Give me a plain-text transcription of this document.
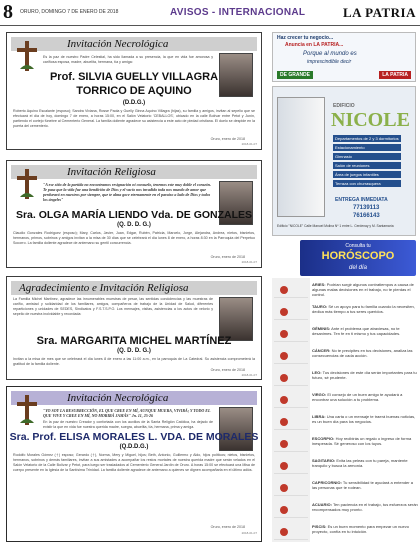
8 ORURO, DOMINGO 7 DE ENERO DE 2018	AVISOS - INTERNACIONAL	LA PATRIA
Invitación Necrológica
Es la paz de nuestro Padre Celestial, ha sido llamada a su presencia, la que en vida fue amorosa y cariñosa esposa, madre, abuelita, hermana, tía y amiga:
Prof. SILVIA GUELLY VILLAGRA
TORRICO DE AQUINO
(D.D.G.)
Roberto Aquino Escalante (esposo); Sandra Viviana, Rosse Paola y Guelly Ginna Aquino Villagra (hijas), su familia y amigos, invitan al sepelio que se efectuará el día de hoy, domingo 7 de enero, a horas 15:00, en el Salón Velatorio 'CEBALLOS', ubicado en la calle Bolívar entre Petot y Junín, partiendo el cortejo fúnebre al Cementerio General. La familia doliente agradece su asistencia a este acto de piedad cristiana. El duelo se despide en la puerta del cementerio.
Oruro, enero de 2018
2018-01-07
Invitación Religiosa
"A ese sitio de la partida no encontramos resignación ni consuelo, tenemos este muy doble el corazón. Te pasa que la vida fue una bendición de Dios y el vacío nos invadido toda nos mundo de amor que perdurará en nuestros por siempre, que te alma goce eternamente en el paraíso a lado de Dios y todos los ángeles"
Sra. OLGA MARÍA LIENDO Vda. DE GONZALES
(Q. D. D. G.)
Claudio Gonzales Rodríguez (esposo); Mary, Carlos, Javier, Juan, Edgar, Rubén, Patricia, Marcelo, Jorge, Alejandra, Andrea, nietos, bisnietos, hermanos, primos, sobrinos y amigos invitan a la misa de 30 días que se celebrará el día lunes 8 de enero, a horas 8:30 en la Parroquia del Perpetuo Socorro. La familia doliente agradece de antemano su gentil concurrencia.
Oruro, enero de 2018
2018-01-07
Agradecimiento e Invitación Religiosa
La Familia Michel Martínez, agradece las innumerables muestras de pesar, las sentidas condolencias y las muestras de cariño, amistad y solidaridad de los familiares, amigos, compañeros de trabajo de la Unidad de Salud, diferentes reparticiones y unidades de SEDES, Sindicatos y F.S.T.S.P.O. Los mensajes, visitas, asistencias a los actos de velorio y sepelio de nuestra inolvidable y recordada:
Sra. MARGARITA MICHEL MARTÍNEZ
(Q. D. D. G.)
Invitan a la misa de mes que se celebrará el día lunes 8 de enero a las 11:00 a.m., en la parroquia de La Catedral. Su asistencia comprometerá la gratitud de la familia doliente.
Oruro, enero de 2018
2018-01-07
Invitación Necrológica
"YO SOY LA RESURRECCIÓN, EL QUE CREE EN MÍ, AUNQUE MUERA, VIVIRÁ; Y TODO EL QUE VIVE Y CREE EN MÍ, NO MORIRÁ JAMÁS" Jn. 11, 25-26
En la paz de nuestro Creador y confortada con los auxilios de la Santa Religión Católica, ha dejado de existir la que en vida fue nuestra querida madre, suegra, abuelita, tía, hermana, prima y amiga.
Sra. Prof. ELISA MORALES L. VDA. DE MORALES
(Q.D.D.G.)
Rodolfo Morales Gómez (†) esposo; Gerardo (†), Norma, Mery y Miguel, hijos; Beth, Antonio, Guillermo y Aldo, hijos políticos; nietos, bisnietos, hermanos, sobrinos y demás familiares, invitan a sus amistades a acompañar los restos mortales de nuestra querida madre que serán velados en el Salón Velatorio de la Calle Bolívar y Petot, para luego ser trasladados al Cementerio General Jardín de Oruro. A horas 15:00 se efectuará una Misa de cuerpo presente en la Iglesia de la Santísima Trinidad. La familia doliente agradece de antemano a quienes se dignen acompañarla en el último adiós.
Oruro, enero de 2018
2018-01-07
Haz crecer tu negocio...
Anuncia en LA PATRIA...
Porque al mundo es
imprescindible decir
DE GRANDE	LA PATRIA
EDIFICIO
NICOLE
Departamentos de 2 y 3 dormitorios
Estacionamiento
Gimnasio
Salón de reuniones
Área de juegos infantiles
Terraza con churrasquera
ENTREGA INMEDIATA
77139113
76166143
Edificio "NICOLE" Calle Manuel Molina Nº 1 entre L. Cerdenay y M. Santamaría
Consulta tu
HORÓSCOPO
del día
ARIES: Podrían surgir algunos contratiempos a causa de algunas malas decisiones en el trabajo, no te pierdas el control.
TAURO: Sé un apoyo para tu familia cuando la necesiten, dedica más tiempo a tus seres queridos.
GÉMINIS: Ante el problema que atraviesas, no te desanimes. Ten fe en ti mismo y tus capacidades.
CÁNCER: No te precipites en tus decisiones, analiza las consecuencias de cada acción.
LEO: Tus decisiones de este día serán importantes para tu futuro, sé prudente.
VIRGO: El consejo de un buen amigo te ayudará a encontrar una solución a tu problema.
LIBRA: Una carta o un mensaje te traerá buenas noticias, es un buen día para los negocios.
ESCORPIO: Hoy recibirás un regalo o ingreso de forma inesperada. Sé generoso con los tuyos.
SAGITARIO: Evita las peleas con tu pareja, mantente tranquilo y busca la armonía.
CAPRICORNIO: Tu sensibilidad te ayudará a entender a las personas que te rodean.
ACUARIO: Ten paciencia en el trabajo, tus esfuerzos serán recompensados muy pronto.
PISCIS: Es un buen momento para empezar un nuevo proyecto, confía en tu intuición.
